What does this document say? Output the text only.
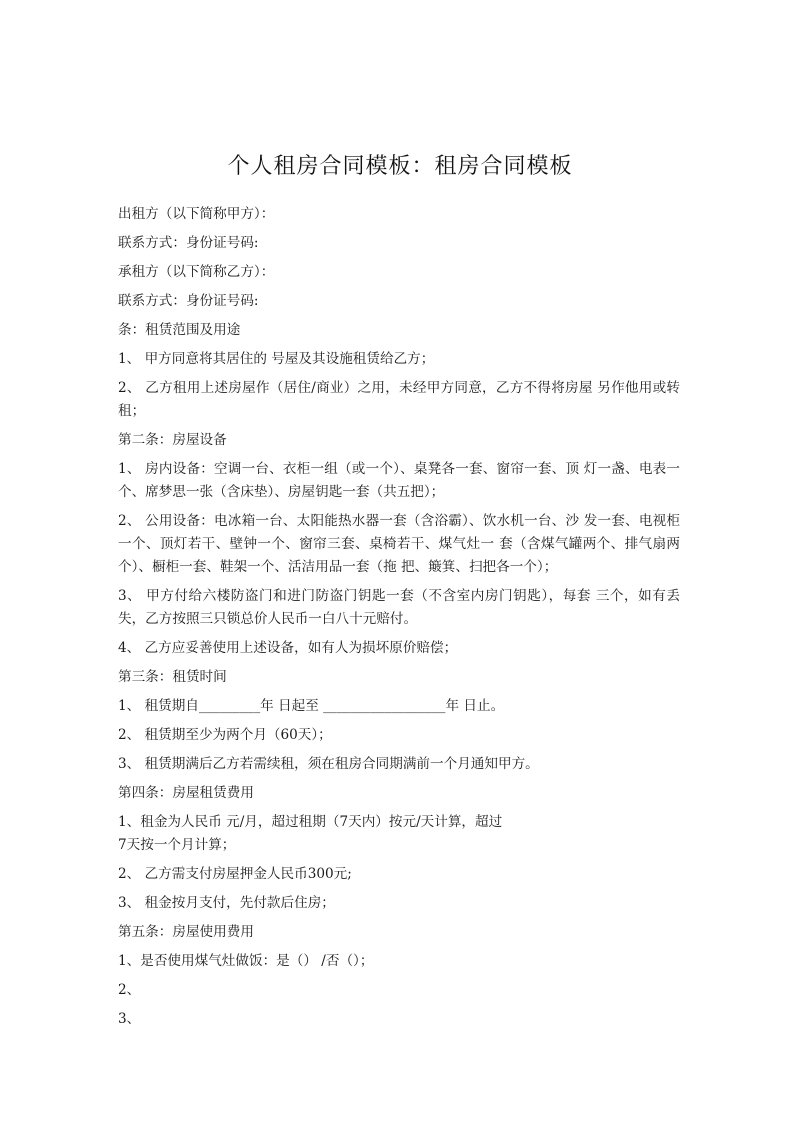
个人租房合同模板：租房合同模板
出租方（以下简称甲方）：
联系方式：身份证号码:
承租方（以下简称乙方）：
联系方式：身份证号码:
条：租赁范围及用途
1、 甲方同意将其居住的 号屋及其设施租赁给乙方；
2、 乙方租用上述房屋作（居住/商业）之用，未经甲方同意，乙方不得将房屋 另作他用或转租；
第二条：房屋设备
1、 房内设备：空调一台、衣柜一组（或一个）、桌凳各一套、窗帘一套、顶 灯一盏、电表一个、席梦思一张（含床垫）、房屋钥匙一套（共五把）；
2、 公用设备：电冰箱一台、太阳能热水器一套（含浴霸）、饮水机一台、沙 发一套、电视柜一个、顶灯若干、壁钟一个、窗帘三套、桌椅若干、煤气灶一 套（含煤气罐两个、排气扇两个）、橱柜一套、鞋架一个、活洁用品一套（拖 把、簸箕、扫把各一个）；
3、 甲方付给六楼防盗门和进门防盗门钥匙一套（不含室内房门钥匙），每套 三个，如有丢失，乙方按照三只锁总价人民币一白八十元赔付。
4、 乙方应妥善使用上述设备，如有人为损坏原价赔偿；
第三条：租赁时间
1、 租赁期自_________年 日起至 __________________年 日止。
2、 租赁期至少为两个月（60天）；
3、 租赁期满后乙方若需续租，须在租房合同期满前一个月通知甲方。
第四条：房屋租赁费用
1、租金为人民币 元/月，超过租期（7天内）按元/天计算，超过
7天按一个月计算；
2、 乙方需支付房屋押金人民币300元;
3、 租金按月支付，先付款后住房；
第五条：房屋使用费用
1、是否使用煤气灶做饭：是（） /否（）；
2、
3、
